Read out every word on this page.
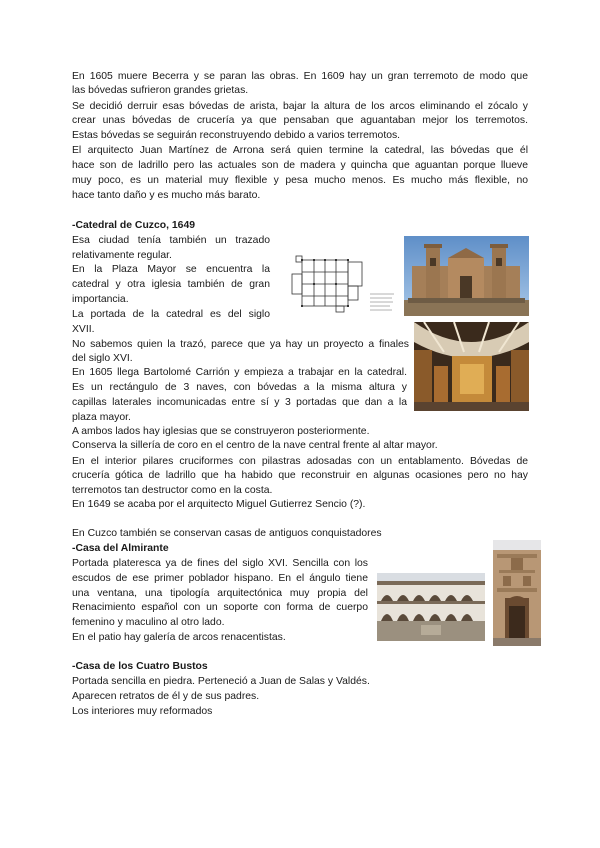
En 1605 muere Becerra y se paran las obras. En 1609 hay un gran terremoto de modo que
las bóvedas sufrieron grandes grietas.
Se decidió derruir esas bóvedas de arista, bajar la altura de los arcos eliminando el zócalo y
crear unas bóvedas de crucería ya que pensaban que aguantaban mejor los terremotos.
Estas bóvedas se seguirán reconstruyendo debido a varios terremotos.
El arquitecto Juan Martínez de Arrona será quien termine la catedral, las bóvedas que él
hace son de ladrillo pero las actuales son de madera y quincha que aguantan porque llueve
muy poco, es un material muy flexible y pesa mucho menos. Es mucho más flexible, no
hace tanto daño y es mucho más barato.
-Catedral de Cuzco, 1649
Esa ciudad tenía también un trazado
relativamente regular.
En la Plaza Mayor se encuentra la
catedral y otra iglesia también de gran
importancia.
La portada de la catedral es del siglo
XVII.
No sabemos quien la trazó, parece que ya hay un proyecto a finales
del siglo XVI.
En 1605 llega Bartolomé Carrión y empieza a trabajar en la catedral.
Es un rectángulo de 3 naves, con bóvedas a la misma altura y
capillas laterales incomunicadas entre sí y 3 portadas que dan a la
plaza mayor.
A ambos lados hay iglesias que se construyeron posteriormente.
Conserva la sillería de coro en el centro de la nave central frente al altar mayor.
En el interior pilares cruciformes con pilastras adosadas con un entablamento. Bóvedas de
crucería gótica de ladrillo que ha habido que reconstruir en algunas ocasiones pero no hay
terremotos tan destructor como en la costa.
En 1649 se acaba por el arquitecto Miguel Gutierrez Sencio (?).
En Cuzco también se conservan casas de antiguos conquistadores
-Casa del Almirante
Portada plateresca ya de fines del siglo XVI. Sencilla con los
escudos de ese primer poblador hispano. En el ángulo tiene
una ventana, una tipología arquitectónica muy propia del
Renacimiento español con un soporte con forma de cuerpo
femenino y maculino al otro lado.
En el patio hay galería de arcos renacentistas.
-Casa de los Cuatro Bustos
Portada sencilla en piedra. Perteneció a Juan de Salas y Valdés.
Aparecen retratos de él y de sus padres.
Los interiores muy reformados
